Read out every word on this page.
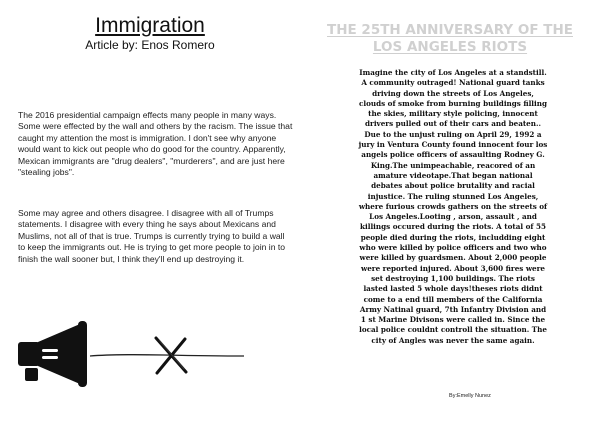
Immigration
Article by: Enos Romero

The 2016 presidential campaign effects many people in many ways. Some were effected by the wall and others by the racism. The issue that caught my attention the most is immigration. I don't see why anyone would want to kick out people who do good for the country. Apparently, Mexican immigrants are "drug dealers", "murderers", and are just here "stealing jobs".

Some may agree and others disagree. I disagree with all of Trumps statements. I disagree with every thing he says about Mexicans and Muslims, not all of that is true. Trumps is currently trying to build a wall to keep the immigrants out. He is trying to get more people to join in to finish the wall sooner but, I think they'll end up destroying it.

THE 25TH ANNIVERSARY OF THE LOS ANGELES RIOTS

Imagine the city of Los Angeles at a standstill. A community outraged! National guard tanks driving down the streets of Los Angeles, clouds of smoke from burning buildings filling the skies, military style policing, innocent drivers pulled out of their cars and beaten.. Due to the unjust ruling on April 29, 1992 a jury in Ventura County found innocent four los angels police officers of assaulting Rodney G. King.The unimpeachable, reacored of an amature videotape.That began national debates about police brutality and racial injustice. The ruling stunned Los Angeles, where furious crowds gathers on the streets of Los Angeles.Looting , arson, assault , and killings occured during the riots. A total of 55 people died during the riots, includding eight who were killed by police officers and two who were killed by guardsmen. About 2,000 people were reported injured. About 3,600 fires were set destroying 1,100 buildings. The riots lasted lasted 5 whole days!theses riots didnt come to a end till members of the California Army Natinal guard, 7th Infantry Division and 1 st Marine Divisons were called in. Since the local police couldnt controll the situation. The city of Angles was never the same again.

By:Emelly Nunez
